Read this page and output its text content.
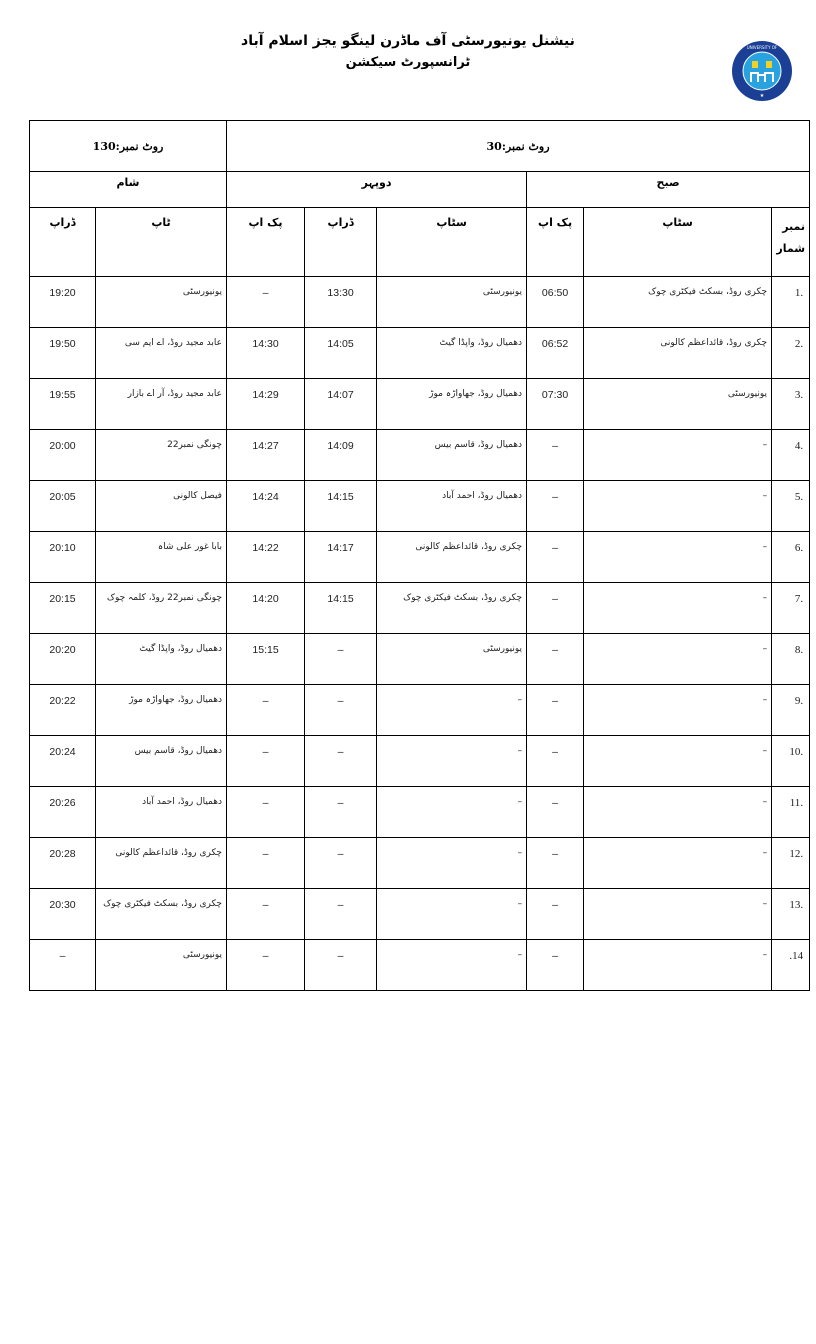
نیشنل یونیورسٹی آف ماڈرن لینگو یجز اسلام آباد
ٹرانسپورٹ سیکشن
UNIVERSITY OF
★
روٹ نمبر:30						روٹ نمبر:130	
صبح			دوپہر			شام	
نمبر شمار	سٹاپ	پک اپ	سٹاپ	ڈراپ	پک اپ	ٹاپ	ڈراپ
.1	چکری روڈ، بسکٹ فیکٹری چوک	06:50	یونیورسٹی	13:30	–	یونیورسٹی	19:20
.2	چکری روڈ، قائداعظم کالونی	06:52	دھمیال روڈ، واپڈا گیٹ	14:05	14:30	عابد مجید روڈ، اے ایم سی	19:50
.3	یونیورسٹی	07:30	دھمیال روڈ، جھاواڑہ موڑ	14:07	14:29	عابد مجید روڈ، آر اے بازار	19:55
.4	–	–	دھمیال روڈ، قاسم بیس	14:09	14:27	چونگی نمبر22	20:00
.5	–	–	دھمیال روڈ، احمد آباد	14:15	14:24	فیصل کالونی	20:05
.6	–	–	چکری روڈ، قائداعظم کالونی	14:17	14:22	بابا غور علی شاہ	20:10
.7	–	–	چکری روڈ، بسکٹ فیکٹری چوک	14:15	14:20	چونگی نمبر22 روڈ، کلمہ چوک	20:15
.8	–	–	یونیورسٹی	–	15:15	دھمیال روڈ، واپڈا گیٹ	20:20
.9	–	–	–	–	–	دھمیال روڈ، جھاواڑہ موڑ	20:22
.10	–	–	–	–	–	دھمیال روڈ، قاسم بیس	20:24
.11	–	–	–	–	–	دھمیال روڈ، احمد آباد	20:26
.12	–	–	–	–	–	چکری روڈ، قائداعظم کالونی	20:28
.13	–	–	–	–	–	چکری روڈ، بسکٹ فیکٹری چوک	20:30
14.	–	–	–	–	–	یونیورسٹی	–
